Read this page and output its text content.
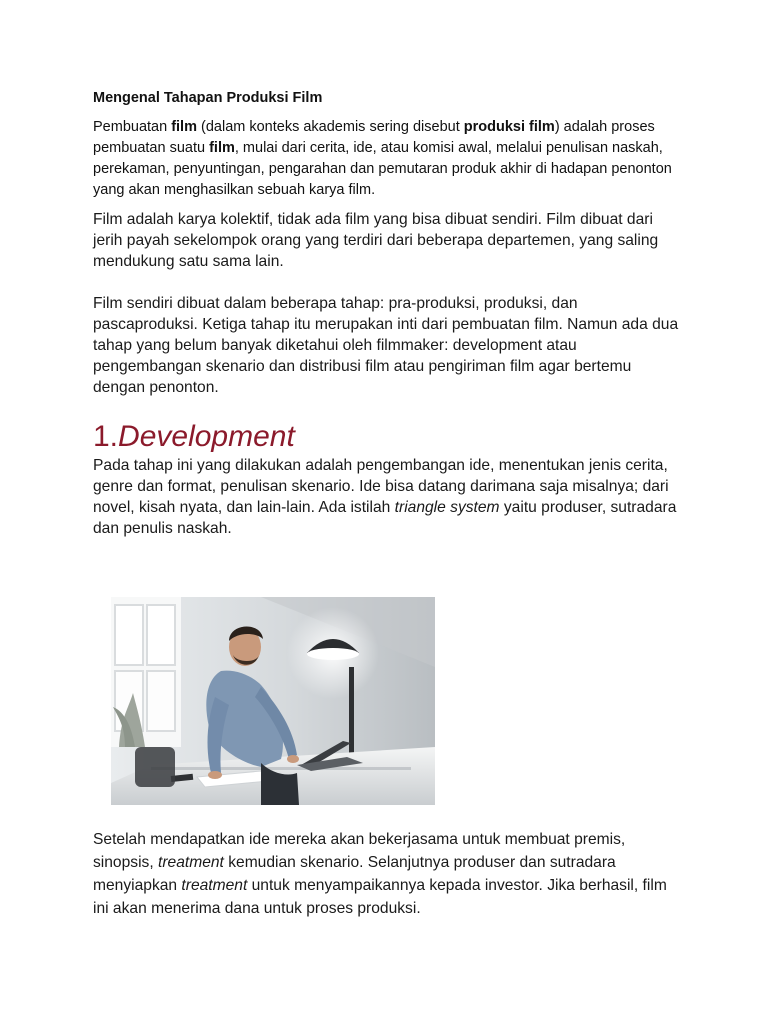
Mengenal Tahapan Produksi Film

Pembuatan film (dalam konteks akademis sering disebut produksi film) adalah proses pembuatan suatu film, mulai dari cerita, ide, atau komisi awal, melalui penulisan naskah, perekaman, penyuntingan, pengarahan dan pemutaran produk akhir di hadapan penonton yang akan menghasilkan sebuah karya film.

Film adalah karya kolektif, tidak ada film yang bisa dibuat sendiri. Film dibuat dari jerih payah sekelompok orang yang terdiri dari beberapa departemen, yang saling mendukung satu sama lain.

Film sendiri dibuat dalam beberapa tahap: pra-produksi, produksi, dan pascaproduksi. Ketiga tahap itu merupakan inti dari pembuatan film. Namun ada dua tahap yang belum banyak diketahui oleh filmmaker: development atau pengembangan skenario dan distribusi film atau pengiriman film agar bertemu dengan penonton.

1.Development

Pada tahap ini yang dilakukan adalah pengembangan ide, menentukan jenis cerita, genre dan format, penulisan skenario. Ide bisa datang darimana saja misalnya; dari novel, kisah nyata, dan lain-lain. Ada istilah triangle system yaitu produser, sutradara dan penulis naskah.

Setelah mendapatkan ide mereka akan bekerjasama untuk membuat premis, sinopsis, treatment kemudian skenario. Selanjutnya produser dan sutradara menyiapkan treatment untuk menyampaikannya kepada investor. Jika berhasil, film ini akan menerima dana untuk proses produksi.
